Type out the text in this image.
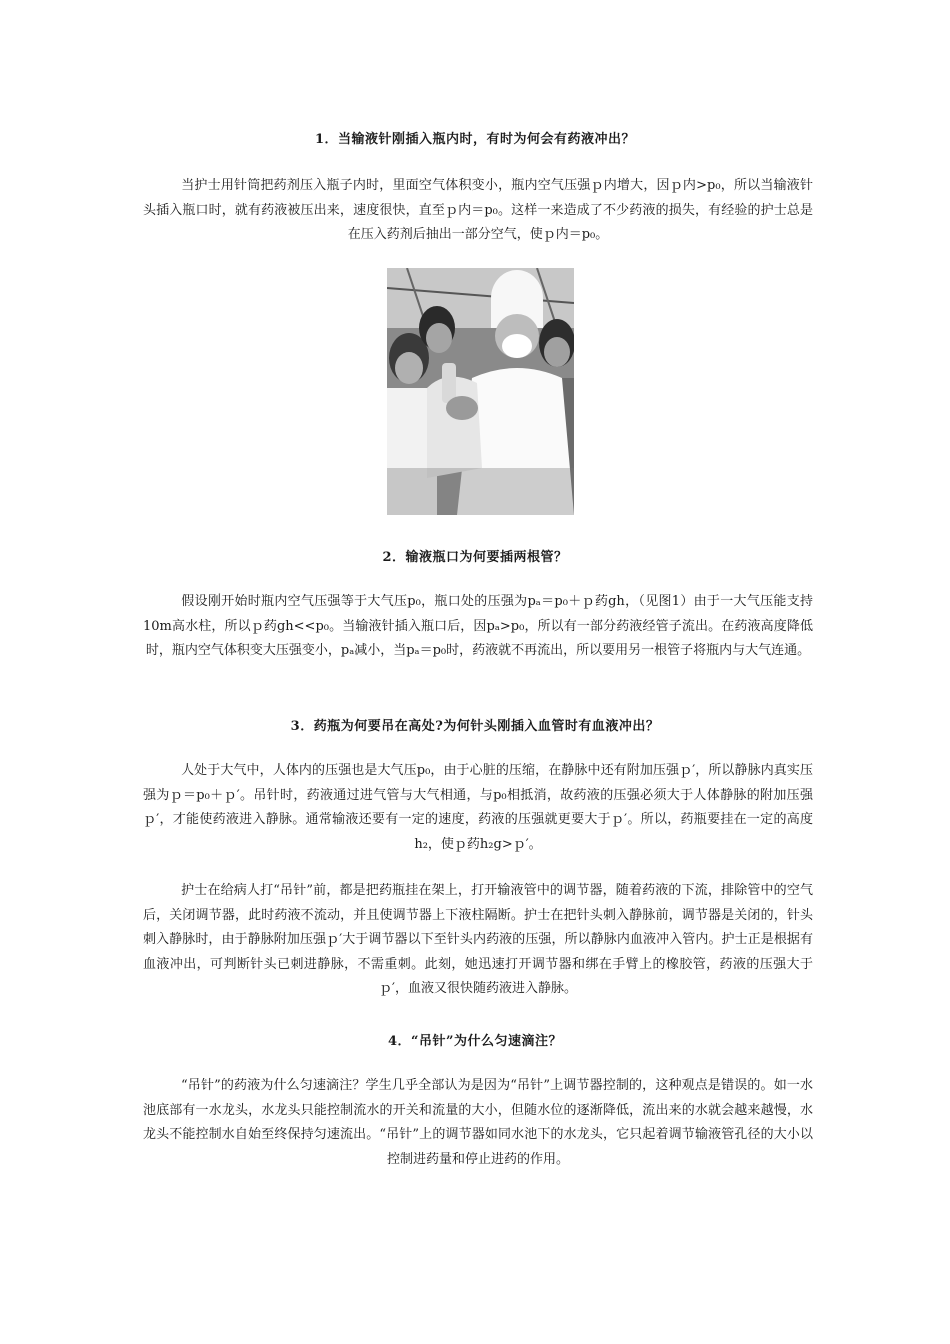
1．当输液针刚插入瓶内时，有时为何会有药液冲出？
当护士用针筒把药剂压入瓶子内时，里面空气体积变小，瓶内空气压强ｐ内增大，因ｐ内>p₀，所以当输液针头插入瓶口时，就有药液被压出来，速度很快，直至ｐ内＝p₀。这样一来造成了不少药液的损失，有经验的护士总是在压入药剂后抽出一部分空气，使ｐ内＝p₀。
2．输液瓶口为何要插两根管？
假设刚开始时瓶内空气压强等于大气压p₀，瓶口处的压强为pₐ＝p₀＋ｐ药gh，（见图1）由于一大气压能支持10m高水柱，所以ｐ药gh<<p₀。当输液针插入瓶口后，因pₐ>p₀，所以有一部分药液经管子流出。在药液高度降低时，瓶内空气体积变大压强变小，pₐ减小，当pₐ＝p₀时，药液就不再流出，所以要用另一根管子将瓶内与大气连通。
3．药瓶为何要吊在高处?为何针头刚插入血管时有血液冲出？
人处于大气中，人体内的压强也是大气压p₀，由于心脏的压缩，在静脉中还有附加压强ｐ′，所以静脉内真实压强为ｐ＝p₀＋ｐ′。吊针时，药液通过进气管与大气相通，与p₀相抵消，故药液的压强必须大于人体静脉的附加压强ｐ′，才能使药液进入静脉。通常输液还要有一定的速度，药液的压强就更要大于ｐ′。所以，药瓶要挂在一定的高度h₂，使ｐ药h₂g>ｐ′。
护士在给病人打“吊针”前，都是把药瓶挂在架上，打开输液管中的调节器，随着药液的下流，排除管中的空气后，关闭调节器，此时药液不流动，并且使调节器上下液柱隔断。护士在把针头刺入静脉前，调节器是关闭的，针头刺入静脉时，由于静脉附加压强ｐ′大于调节器以下至针头内药液的压强，所以静脉内血液冲入管内。护士正是根据有血液冲出，可判断针头已刺进静脉，不需重刺。此刻，她迅速打开调节器和绑在手臂上的橡胶管，药液的压强大于ｐ′，血液又很快随药液进入静脉。
4．“吊针”为什么匀速滴注？
“吊针”的药液为什么匀速滴注？学生几乎全部认为是因为“吊针”上调节器控制的，这种观点是错误的。如一水池底部有一水龙头，水龙头只能控制流水的开关和流量的大小，但随水位的逐渐降低，流出来的水就会越来越慢，水龙头不能控制水自始至终保持匀速流出。“吊针”上的调节器如同水池下的水龙头，它只起着调节输液管孔径的大小以控制进药量和停止进药的作用。
